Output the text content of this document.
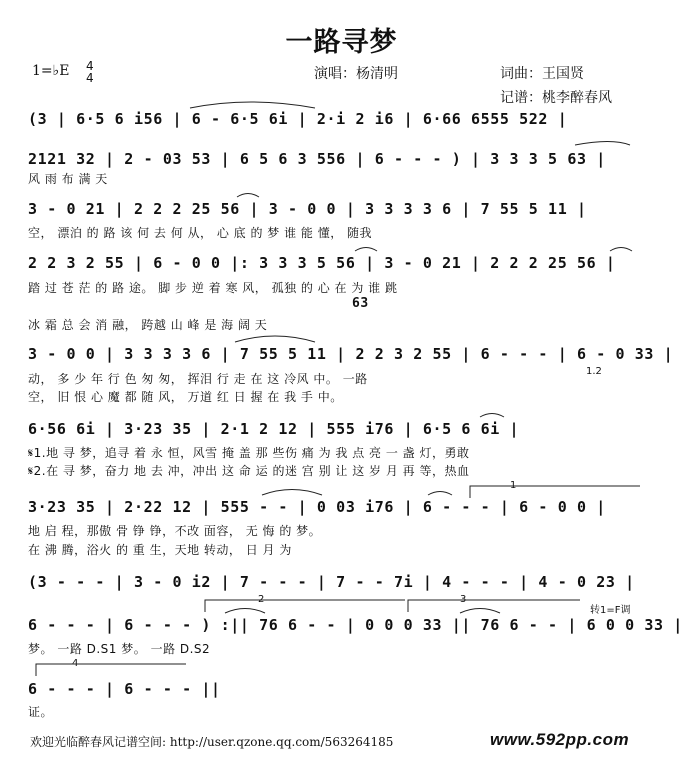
一路寻梦
演唱：杨清明	词曲：王国贤
记谱：桃李醉春风
1=♭E 4
4
(3 | 6·5 6 i56 | 6 - 6·5 6i | 2·i 2 i6 | 6·66 6555 522 |
2121 32 | 2 - 03 53 | 6 5 6 3 556 | 6 - - - ) | 3 3 3 5 63 |
风 雨 布 满 天
3 - 0 21 | 2 2 2 25 56 | 3 - 0 0 | 3 3 3 3 6 | 7 55 5 11 |
空， 漂泊 的 路 该 何 去 何 从， 心 底 的 梦 谁 能 懂， 随我
2 2 3 2 55 | 6 - 0 0 |: 3 3 3 5 56 | 3 - 0 21 | 2 2 2 25 56 |
踏 过 苍 茫 的 路 途。 脚 步 逆 着 寒 风， 孤独 的 心 在 为 谁 跳
63
冰 霜 总 会 消 融， 跨越 山 峰 是 海 阔 天
3 - 0 0 | 3 3 3 3 6 | 7 55 5 11 | 2 2 3 2 55 | 6 - - - | 6 - 0 33 |
1.2
动， 多 少 年 行 色 匆 匆， 挥泪 行 走 在 这 冷风 中。 一路
空， 旧 恨 心 魔 都 随 风， 万道 红 日 握 在 我 手 中。
6·56 6i | 3·23 35 | 2·1 2 12 | 555 i76 | 6·5 6 6i |
𝄋1.地 寻 梦，追寻 着 永 恒，风雪 掩 盖 那 些伤 痛 为 我 点 亮 一 盏 灯，勇敢
𝄋2.在 寻 梦，奋力 地 去 冲，冲出 这 命 运 的迷 宫 别 让 这 岁 月 再 等，热血
3·23 35 | 2·22 12 | 555 - - | 0 03 i76 | 6 - - - | 6 - 0 0 |
1
地 启 程，那傲 骨 铮 铮，不改 面容， 无 悔 的 梦。
在 沸 腾，浴火 的 重 生，天地 转动， 日 月 为
(3 - - - | 3 - 0 i2 | 7 - - - | 7 - - 7i | 4 - - - | 4 - 0 23 |
2	3
转1=F调
6 - - - | 6 - - - ) :|| 76 6 - - | 0 0 0 33 || 76 6 - - | 6 0 0 33 |
梦。 一路 D.S1 梦。 一路 D.S2
4
6 - - - | 6 - - - ||
证。
欢迎光临醉春风记谱空间: http://user.qzone.qq.com/563264185	www.592pp.com
